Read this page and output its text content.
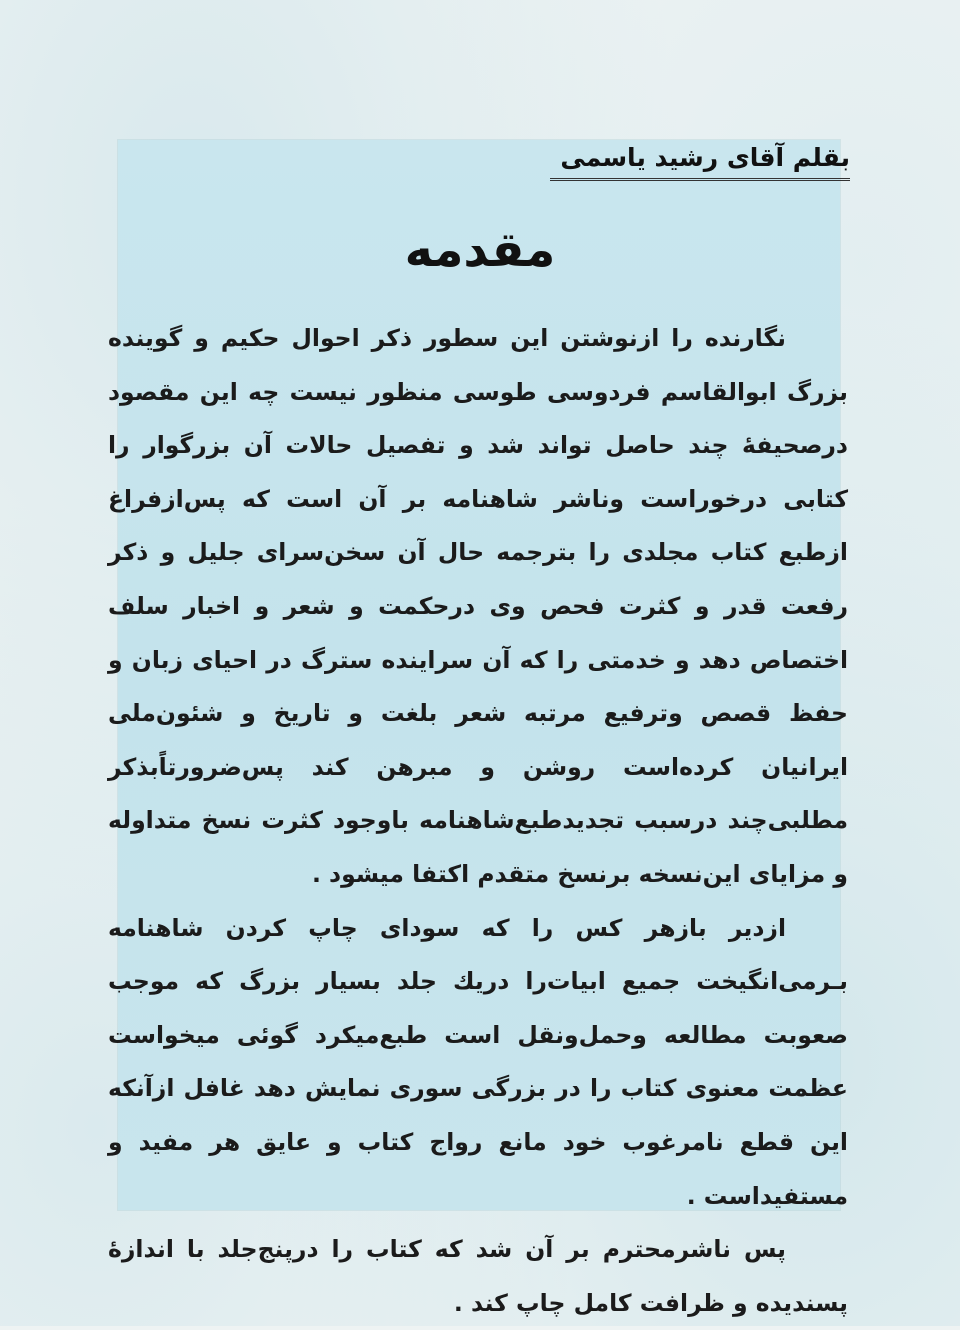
بقلم آقای رشید یاسمی
مقدمه

نگارنده را ازنوشتن این سطور ذکر احوال حکیم و گوینده بزرگ ابوالقاسم فردوسی طوسی منظور نیست چه این مقصود درصحیفهٔ چند حاصل تواند شد و تفصیل حالات آن بزرگوار را کتابی درخوراست وناشر شاهنامه بر آن است که پس‌ازفراغ ازطبع کتاب مجلدی را بترجمه حال آن سخن‌سرای جلیل و ذکر رفعت قدر و کثرت فحص وی درحکمت و شعر و اخبار سلف اختصاص دهد و خدمتی را که آن سراینده سترگ در احیای زبان و حفظ قصص وترفیع مرتبه شعر بلغت و تاریخ و شئون‌ملی ایرانیان کرده‌است روشن و مبرهن کند پس‌ضرورتاًبذکر مطلبی‌چند درسبب تجدیدطبع‌شاهنامه باوجود کثرت نسخ متداوله و مزایای این‌نسخه برنسخ متقدم اکتفا میشود .

ازدیر بازهر کس را که سودای چاپ کردن شاهنامه بـرمی‌انگیخت جمیع ابیات‌را دریك جلد بسیار بزرگ که موجب صعوبت مطالعه وحمل‌ونقل است طبع‌میکرد گوئی میخواست عظمت معنوی کتاب را در بزرگی سوری نمایش دهد غافل ازآنکه این قطع نامرغوب خود مانع رواج کتاب و عایق هر مفید و مستفیداست .

پس ناشرمحترم بر آن شد که کتاب را درپنج‌جلد با اندازهٔ پسندیده و ظرافت کامل چاپ کند .
